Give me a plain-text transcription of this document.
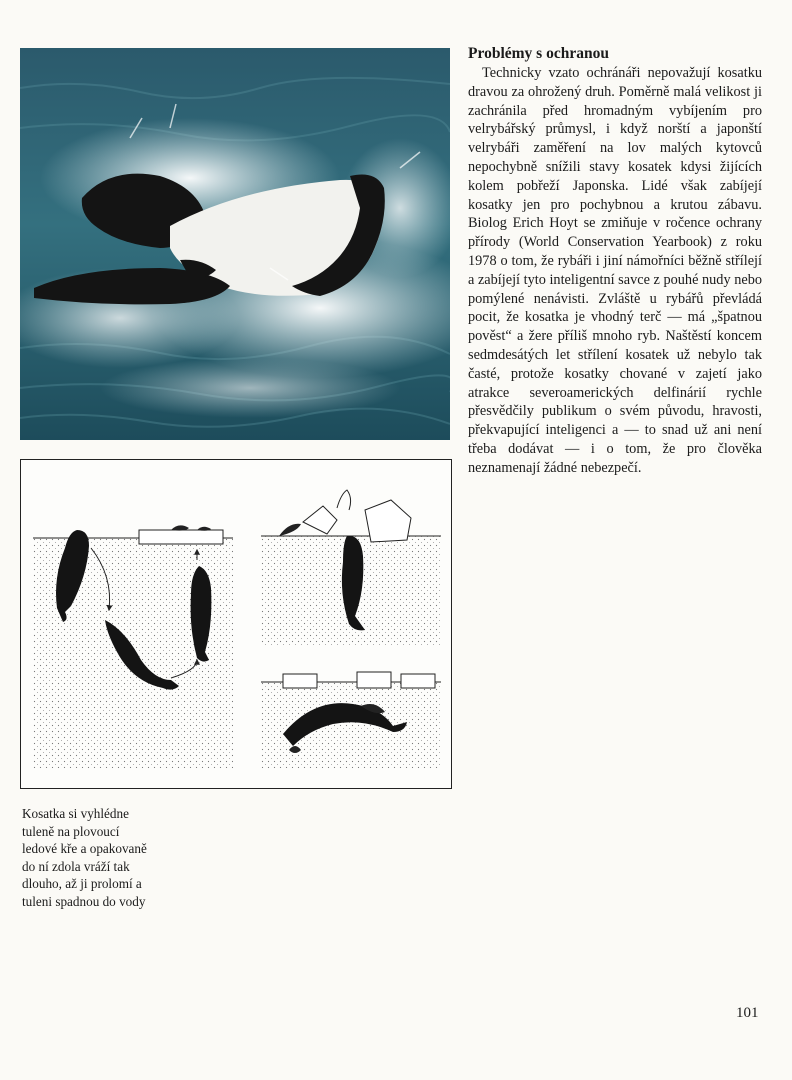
Problémy s ochranou

Technicky vzato ochránáři nepovažují kosatku dravou za ohrožený druh. Poměrně malá velikost ji zachránila před hromadným vybíjením pro velrybářský průmysl, i když norští a japonští velrybáři zaměření na lov malých kytovců nepochybně snížili stavy kosatek kdysi žijících kolem pobřeží Japonska. Lidé však zabíjejí kosatky jen pro pochybnou a krutou zábavu. Biolog Erich Hoyt se zmiňuje v ročence ochrany přírody (World Conservation Yearbook) z roku 1978 o tom, že rybáři i jiní námořníci běžně střílejí a zabíjejí tyto inteligentní savce z pouhé nudy nebo pomýlené nenávisti. Zvláště u rybářů převládá pocit, že kosatka je vhodný terč — má „špatnou pověst“ a žere příliš mnoho ryb. Naštěstí koncem sedmdesátých let střílení kosatek už nebylo tak časté, protože kosatky chované v zajetí jako atrakce severoamerických delfinárií rychle přesvědčily publikum o svém původu, hravosti, překvapující inteligenci a — to snad už ani není třeba dodávat — i o tom, že pro člověka neznamenají žádné nebezpečí.

Kosatka si vyhlédne tuleně na plovoucí ledové kře a opakovaně do ní zdola vráží tak dlouho, až ji prolomí a tuleni spadnou do vody

101
